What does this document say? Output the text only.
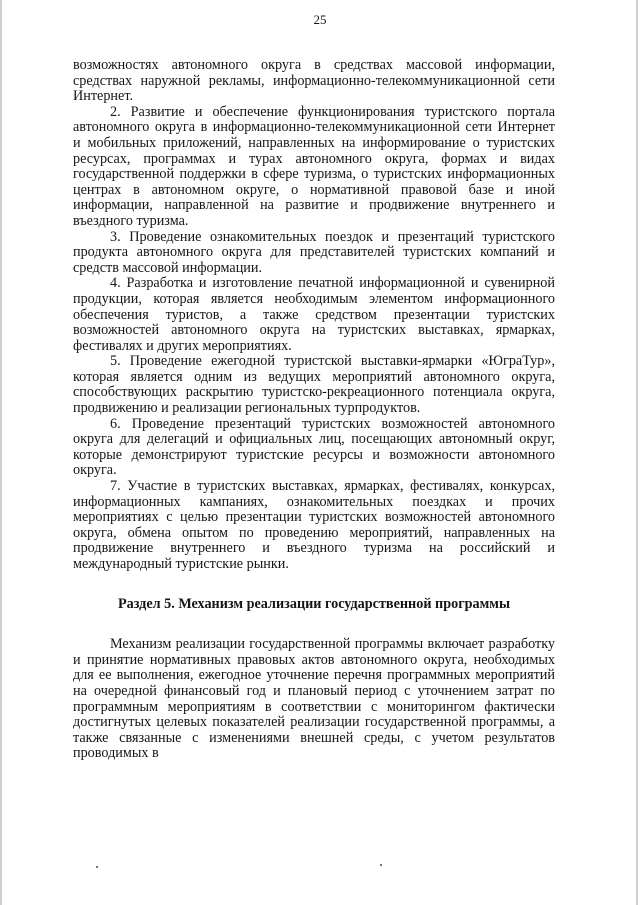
25

возможностях автономного округа в средствах массовой информации, средствах наружной рекламы, информационно-телекоммуникационной сети Интернет.

2. Развитие и обеспечение функционирования туристского портала автономного округа в информационно-телекоммуникационной сети Интернет и мобильных приложений, направленных на информирование о туристских ресурсах, программах и турах автономного округа, формах и видах государственной поддержки в сфере туризма, о туристских информационных центрах в автономном округе, о нормативной правовой базе и иной информации, направленной на развитие и продвижение внутреннего и въездного туризма.

3. Проведение ознакомительных поездок и презентаций туристского продукта автономного округа для представителей туристских компаний и средств массовой информации.

4. Разработка и изготовление печатной информационной и сувенирной продукции, которая является необходимым элементом информационного обеспечения туристов, а также средством презентации туристских возможностей автономного округа на туристских выставках, ярмарках, фестивалях и других мероприятиях.

5. Проведение ежегодной туристской выставки-ярмарки «ЮграТур», которая является одним из ведущих мероприятий автономного округа, способствующих раскрытию туристско-рекреационного потенциала округа, продвижению и реализации региональных турпродуктов.

6. Проведение презентаций туристских возможностей автономного округа для делегаций и официальных лиц, посещающих автономный округ, которые демонстрируют туристские ресурсы и возможности автономного округа.

7. Участие в туристских выставках, ярмарках, фестивалях, конкурсах, информационных кампаниях, ознакомительных поездках и прочих мероприятиях с целью презентации туристских возможностей автономного округа, обмена опытом по проведению мероприятий, направленных на продвижение внутреннего и въездного туризма на российский и международный туристские рынки.

Раздел 5. Механизм реализации государственной программы

Механизм реализации государственной программы включает разработку и принятие нормативных правовых актов автономного округа, необходимых для ее выполнения, ежегодное уточнение перечня программных мероприятий на очередной финансовый год и плановый период с уточнением затрат по программным мероприятиям в соответствии с мониторингом фактически достигнутых целевых показателей реализации государственной программы, а также связанные с изменениями внешней среды, с учетом результатов проводимых в
